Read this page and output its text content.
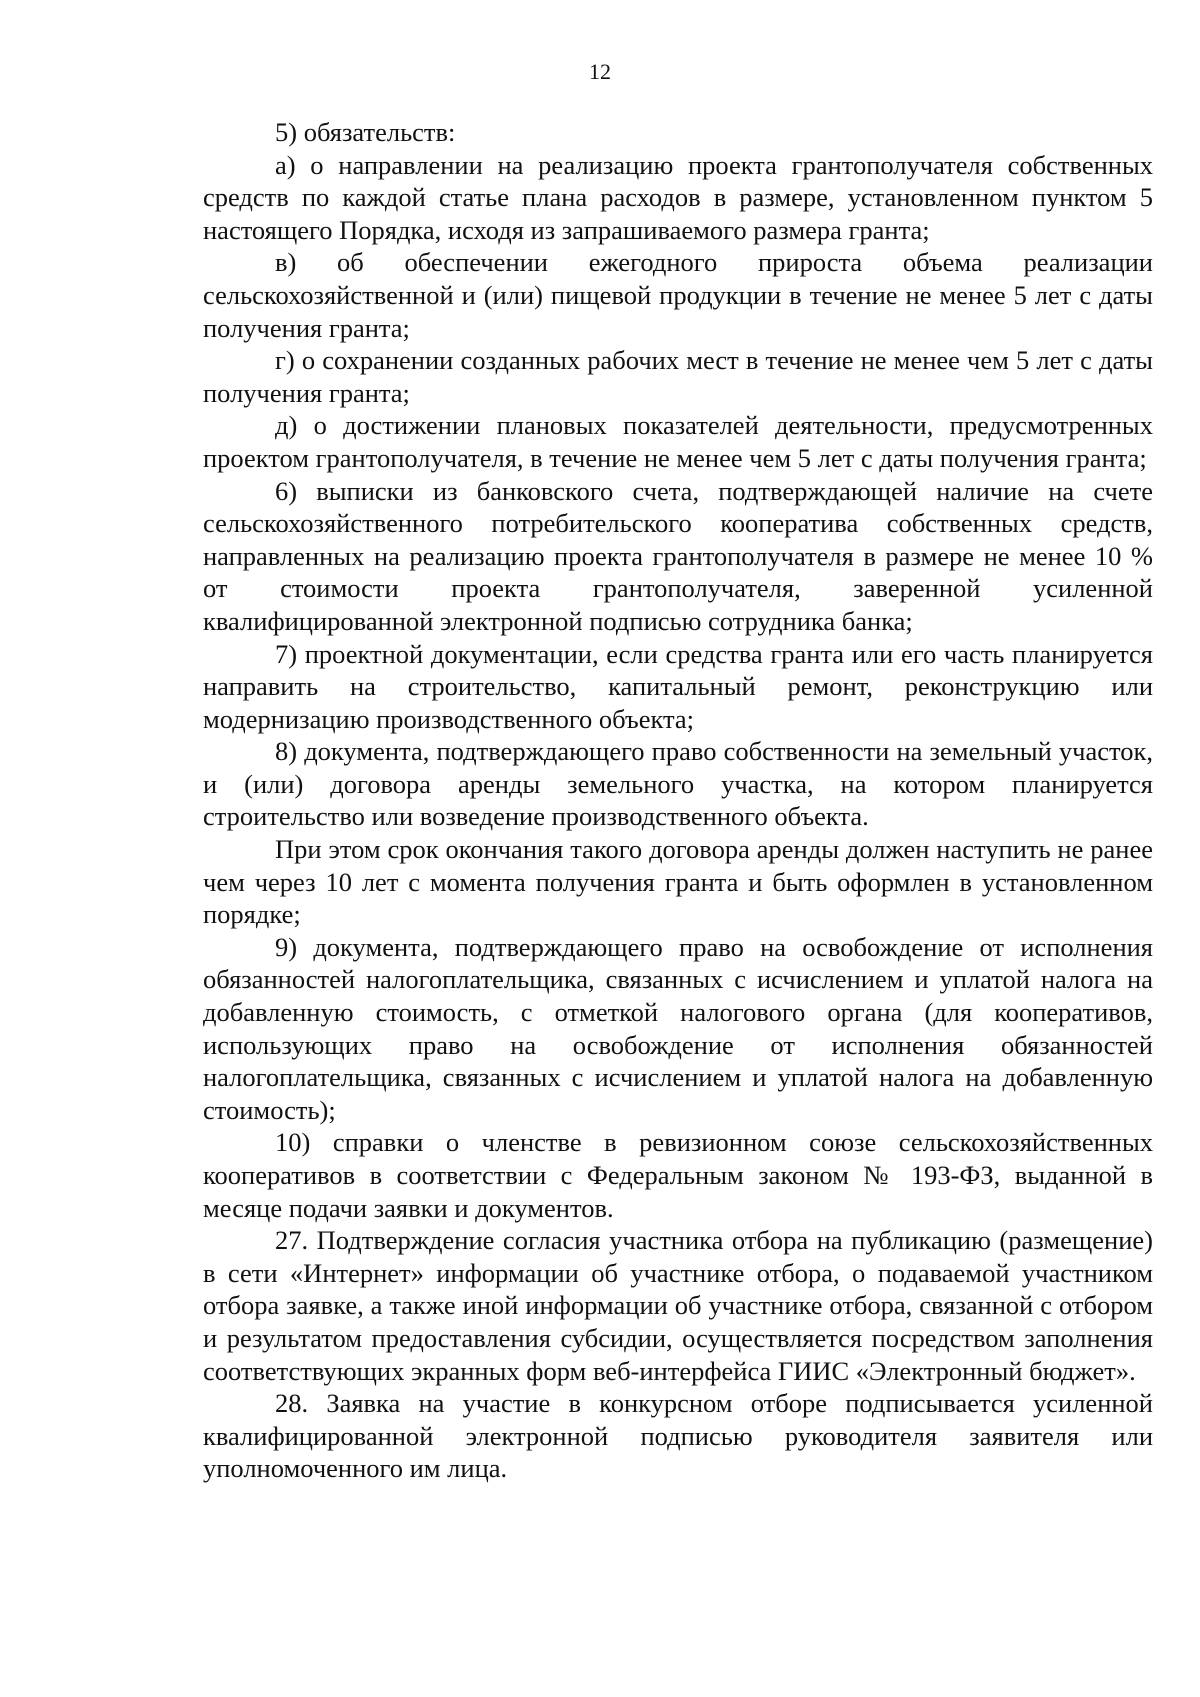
12

5) обязательств:

а) о направлении на реализацию проекта грантополучателя собственных средств по каждой статье плана расходов в размере, установленном пунктом 5 настоящего Порядка, исходя из запрашиваемого размера гранта;

в) об обеспечении ежегодного прироста объема реализации сельскохозяйственной и (или) пищевой продукции в течение не менее 5 лет с даты получения гранта;

г) о сохранении созданных рабочих мест в течение не менее чем 5 лет с даты получения гранта;

д) о достижении плановых показателей деятельности, предусмотренных проектом грантополучателя, в течение не менее чем 5 лет с даты получения гранта;

6) выписки из банковского счета, подтверждающей наличие на счете сельскохозяйственного потребительского кооператива собственных средств, направленных на реализацию проекта грантополучателя в размере не менее 10 % от стоимости проекта грантополучателя, заверенной усиленной квалифицированной электронной подписью сотрудника банка;

7) проектной документации, если средства гранта или его часть планируется направить на строительство, капитальный ремонт, реконструкцию или модернизацию производственного объекта;

8) документа, подтверждающего право собственности на земельный участок, и (или) договора аренды земельного участка, на котором планируется строительство или возведение производственного объекта.

При этом срок окончания такого договора аренды должен наступить не ранее чем через 10 лет с момента получения гранта и быть оформлен в установленном порядке;

9) документа, подтверждающего право на освобождение от исполнения обязанностей налогоплательщика, связанных с исчислением и уплатой налога на добавленную стоимость, с отметкой налогового органа (для кооперативов, использующих право на освобождение от исполнения обязанностей налогоплательщика, связанных с исчислением и уплатой налога на добавленную стоимость);

10) справки о членстве в ревизионном союзе сельскохозяйственных кооперативов в соответствии с Федеральным законом № 193-ФЗ, выданной в месяце подачи заявки и документов.

27. Подтверждение согласия участника отбора на публикацию (размещение) в сети «Интернет» информации об участнике отбора, о подаваемой участником отбора заявке, а также иной информации об участнике отбора, связанной с отбором и результатом предоставления субсидии, осуществляется посредством заполнения соответствующих экранных форм веб-интерфейса ГИИС «Электронный бюджет».

28. Заявка на участие в конкурсном отборе подписывается усиленной квалифицированной электронной подписью руководителя заявителя или уполномоченного им лица.
